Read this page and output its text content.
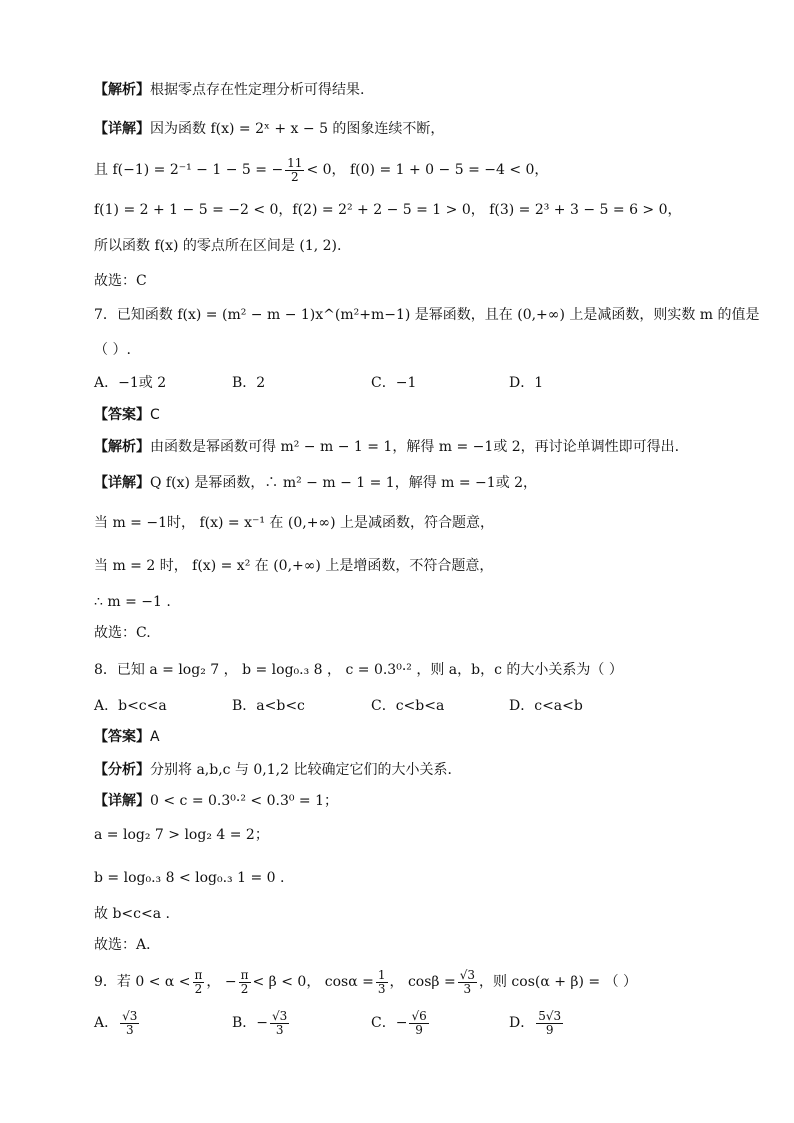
【解析】根据零点存在性定理分析可得结果.
【详解】因为函数 f(x) = 2ˣ + x − 5 的图象连续不断，
且 f(−1) = 2⁻¹ − 1 − 5 = − $\frac{11}{2} < 0$， f(0) = 1 + 0 − 5 = −4 < 0，
f(1) = 2 + 1 − 5 = −2 < 0，f(2) = 2² + 2 − 5 = 1 > 0， f(3) = 2³ + 3 − 5 = 6 > 0，
所以函数 f(x) 的零点所在区间是 (1, 2).
故选：C
7．已知函数 f(x) = (m² − m − 1)x^(m²+m−1) 是幂函数，且在 (0,+∞) 上是减函数，则实数 m 的值是
（ ）.
A．−1或 2	B．2	C．−1	D．1
【答案】C
【解析】由函数是幂函数可得 m² − m − 1 = 1，解得 m = −1或 2，再讨论单调性即可得出.
【详解】Q f(x) 是幂函数，∴ m² − m − 1 = 1，解得 m = −1或 2，
当 m = −1时， f(x) = x⁻¹ 在 (0,+∞) 上是减函数，符合题意，
当 m = 2 时， f(x) = x² 在 (0,+∞) 上是增函数，不符合题意，
∴ m = −1 .
故选：C.
8．已知 a = log₂ 7 ， b = log₀.₃ 8 ， c = 0.3⁰·² ，则 a，b，c 的大小关系为（ ）
A．b<c<a	B．a<b<c	C．c<b<a	D．c<a<b
【答案】A
【分析】分别将 a,b,c 与 0,1,2 比较确定它们的大小关系．
【详解】0 < c = 0.3⁰·² < 0.3⁰ = 1；
a = log₂ 7 > log₂ 4 = 2；
b = log₀.₃ 8 < log₀.₃ 1 = 0 .
故 b<c<a .
故选：A．
9．若 $0 < \alpha < \frac{\pi}{2}$ ， − $\frac{\pi}{2} < \beta < 0$， $\cos\alpha = \frac{1}{3}$ ， $\cos\beta = \frac{√3}{3}$ ，则 cos(α + β) = （ ）
A． $\frac{√3}{3}$	B．− $\frac{√3}{3}$	C．− $\frac{√6}{9}$	D． $\frac{5√3}{9}$
